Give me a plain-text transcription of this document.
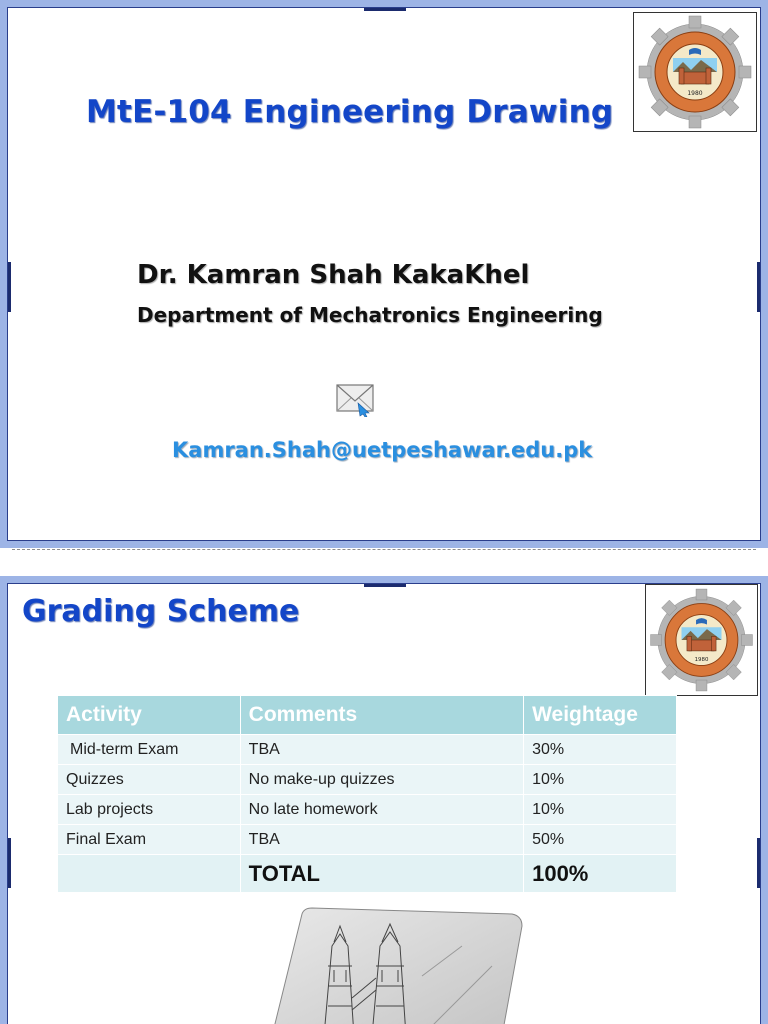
1980
MtE-104 Engineering Drawing
Dr. Kamran Shah KakaKhel
Department of Mechatronics Engineering
Kamran.Shah@uetpeshawar.edu.pk
Grading Scheme
1980
Activity	Comments	Weightage
Mid-term Exam	TBA	30%
Quizzes	No make-up quizzes	10%
Lab projects	No late homework	10%
Final Exam	TBA	50%
	TOTAL	100%
